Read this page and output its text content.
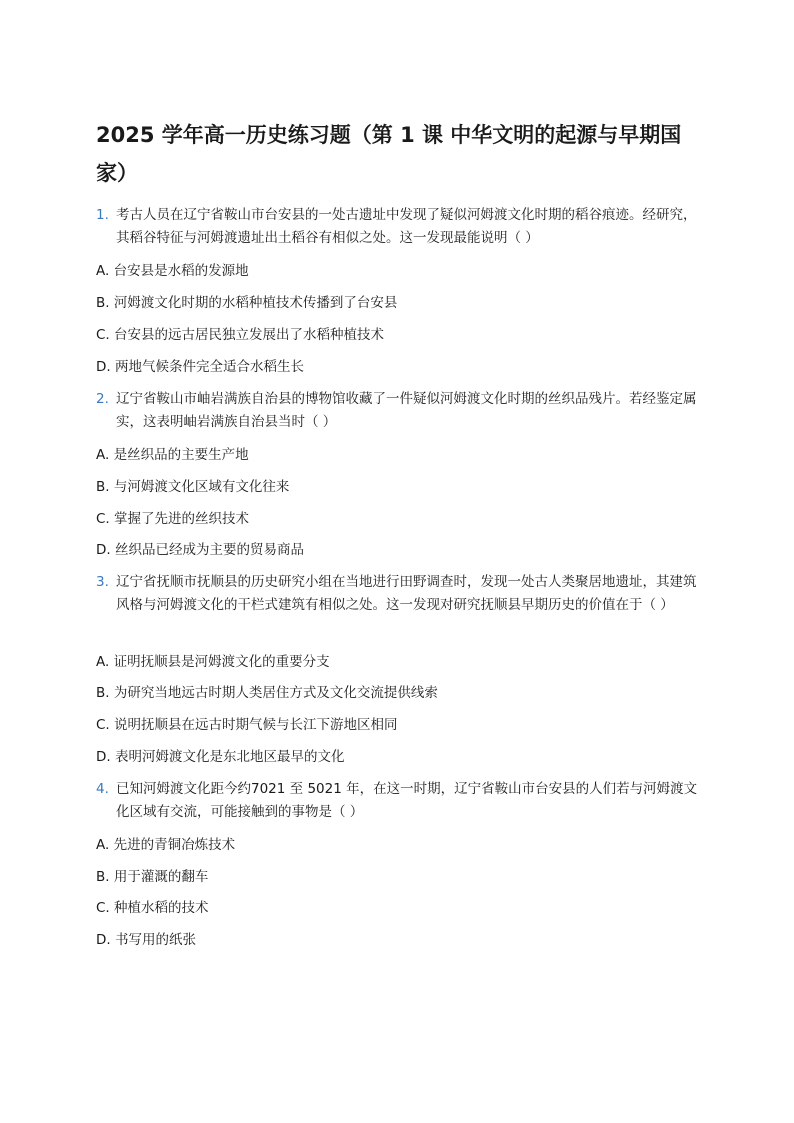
2025 学年高一历史练习题（第 1 课 中华文明的起源与早期国家）
1. 考古人员在辽宁省鞍山市台安县的一处古遗址中发现了疑似河姆渡文化时期的稻谷痕迹。经研究，其稻谷特征与河姆渡遗址出土稻谷有相似之处。这一发现最能说明（ ）
A. 台安县是水稻的发源地
B. 河姆渡文化时期的水稻种植技术传播到了台安县
C. 台安县的远古居民独立发展出了水稻种植技术
D. 两地气候条件完全适合水稻生长
2. 辽宁省鞍山市岫岩满族自治县的博物馆收藏了一件疑似河姆渡文化时期的丝织品残片。若经鉴定属实，这表明岫岩满族自治县当时（ ）
A. 是丝织品的主要生产地
B. 与河姆渡文化区域有文化往来
C. 掌握了先进的丝织技术
D. 丝织品已经成为主要的贸易商品
3. 辽宁省抚顺市抚顺县的历史研究小组在当地进行田野调查时，发现一处古人类聚居地遗址，其建筑风格与河姆渡文化的干栏式建筑有相似之处。这一发现对研究抚顺县早期历史的价值在于（ ）
A. 证明抚顺县是河姆渡文化的重要分支
B. 为研究当地远古时期人类居住方式及文化交流提供线索
C. 说明抚顺县在远古时期气候与长江下游地区相同
D. 表明河姆渡文化是东北地区最早的文化
4. 已知河姆渡文化距今约7021 至 5021 年，在这一时期，辽宁省鞍山市台安县的人们若与河姆渡文化区域有交流，可能接触到的事物是（ ）
A. 先进的青铜冶炼技术
B. 用于灌溉的翻车
C. 种植水稻的技术
D. 书写用的纸张
